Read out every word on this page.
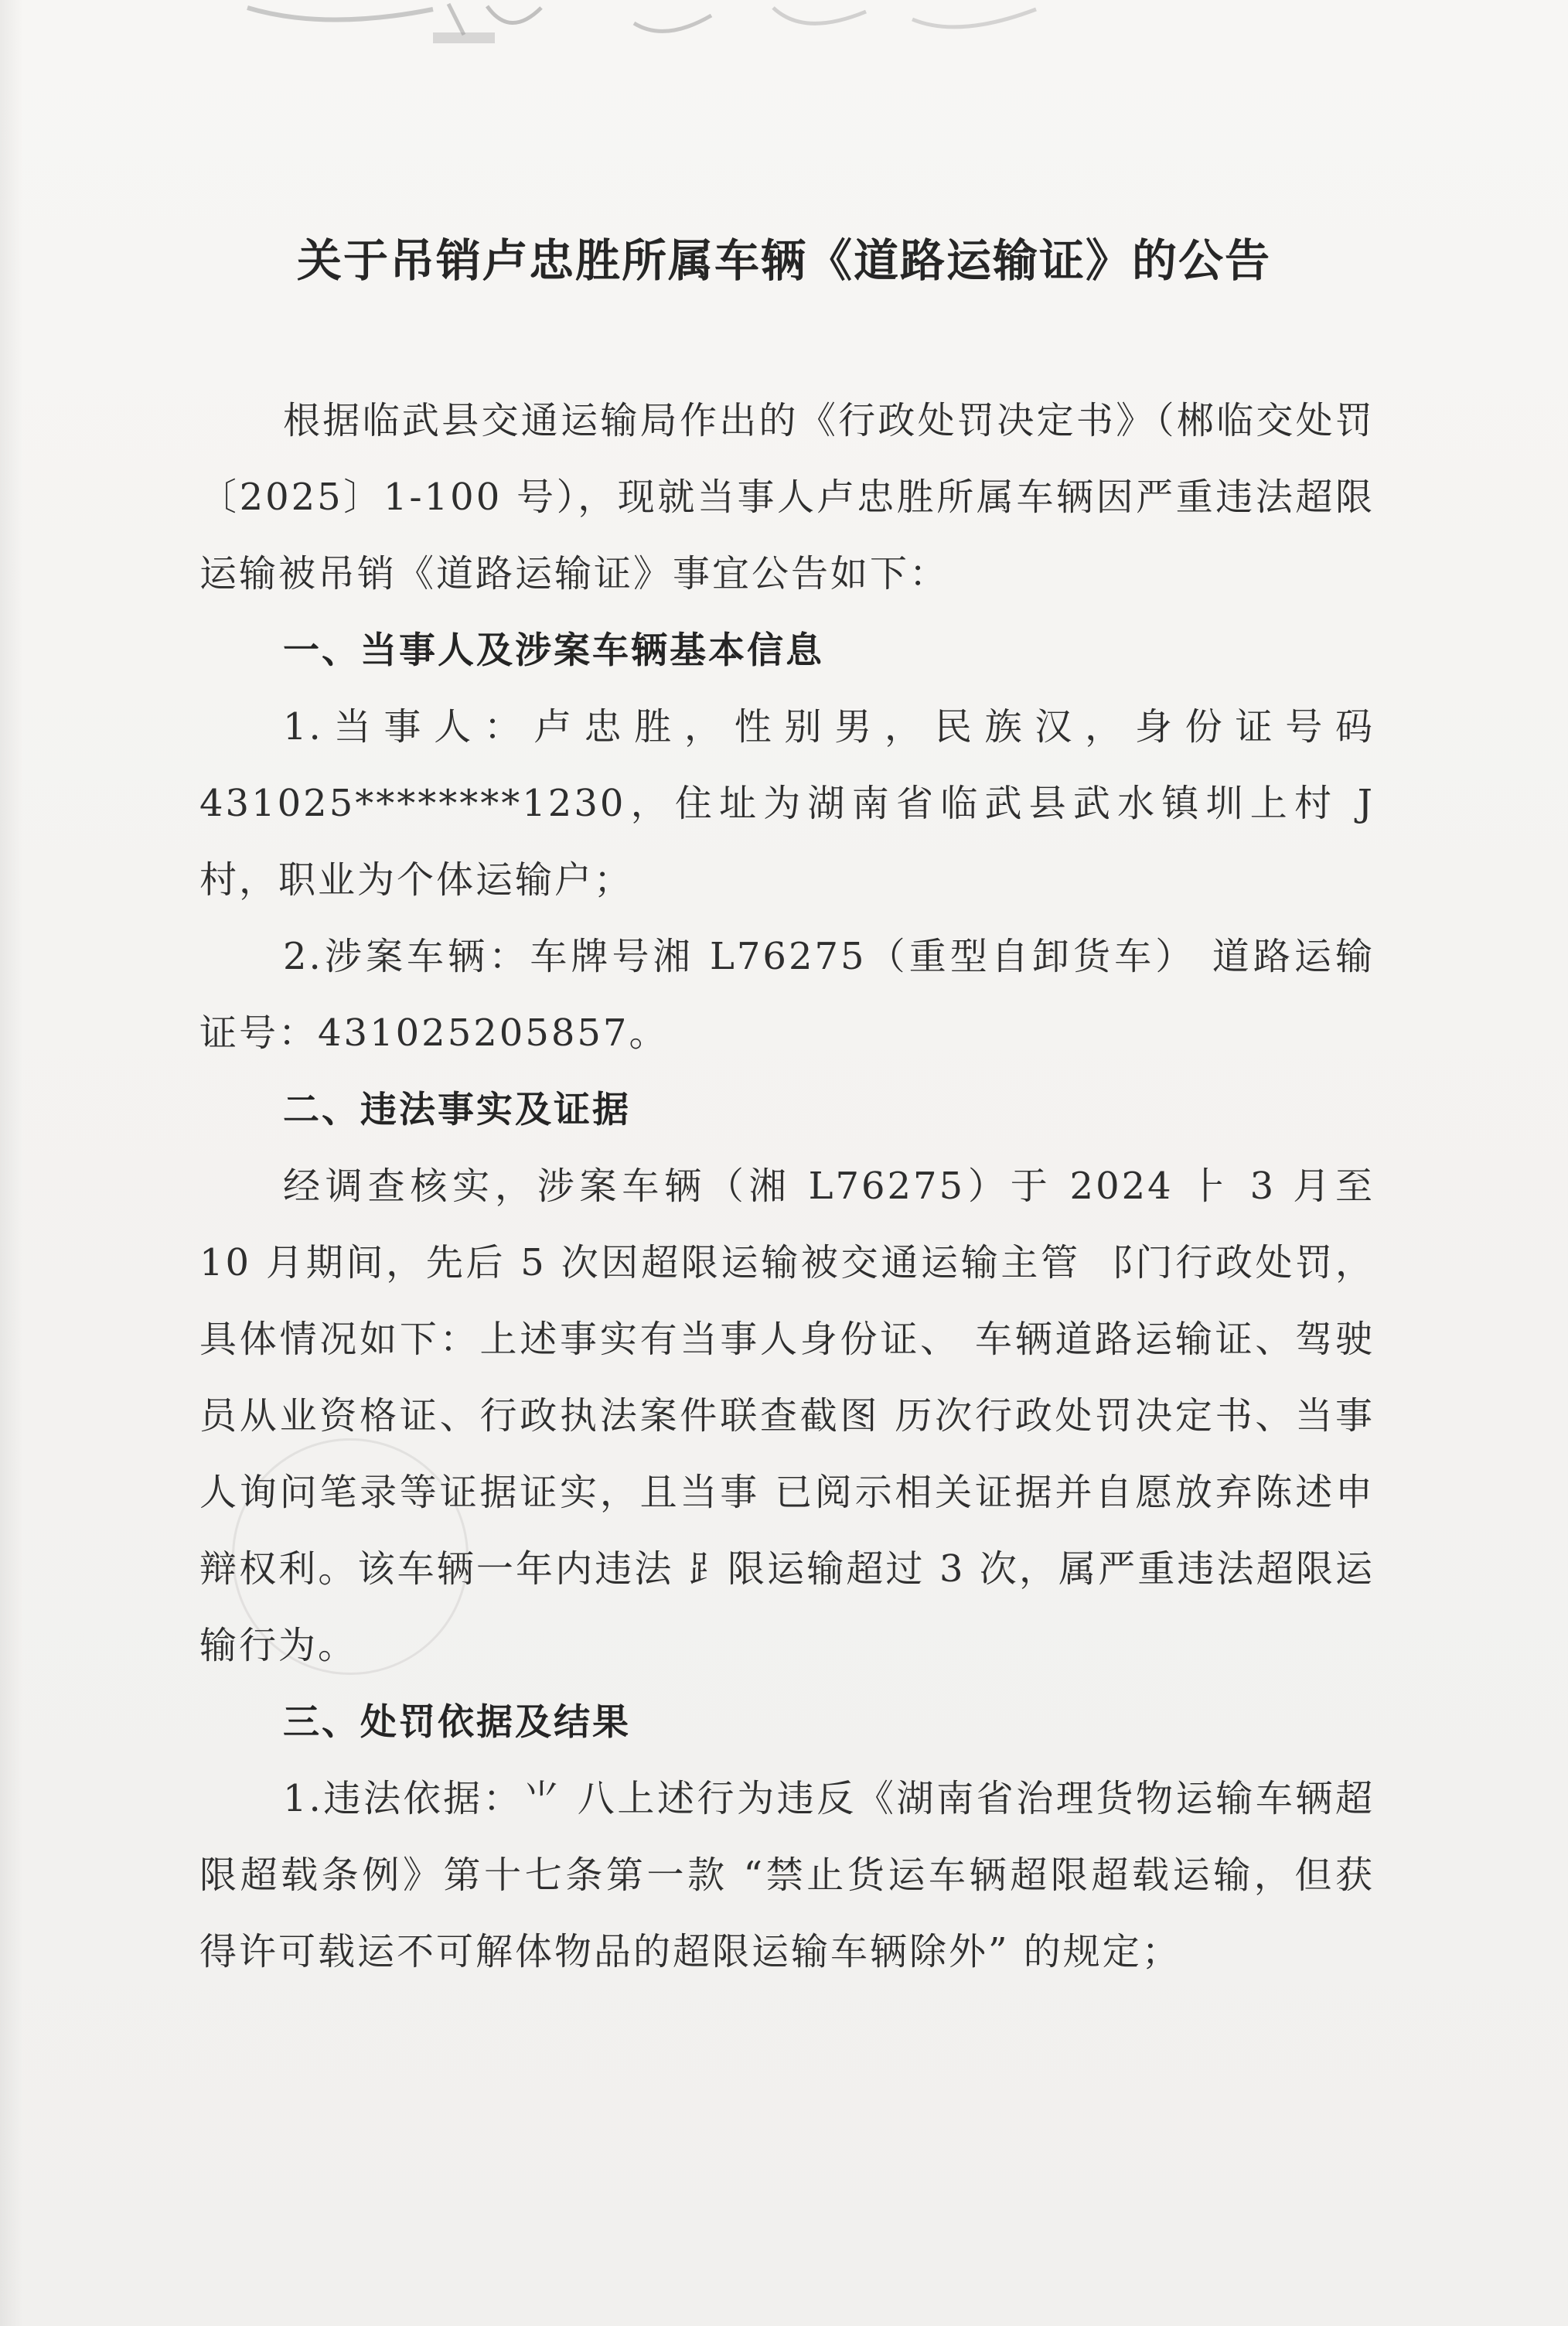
关于吊销卢忠胜所属车辆《道路运输证》的公告

根据临武县交通运输局作出的《行政处罚决定书》（郴临交处罚〔2025〕1-100 号），现就当事人卢忠胜所属车辆因严重违法超限运输被吊销《道路运输证》事宜公告如下：

一、当事人及涉案车辆基本信息

1.当事人：卢忠胜，性别男，民族汉，身份证号码431025********1230，住址为湖南省临武县武水镇圳上村 J 村，职业为个体运输户；

2.涉案车辆：车牌号湘 L76275（重型自卸货车） 道路运输证号：431025205857。

二、违法事实及证据

经调查核实，涉案车辆（湘 L76275）于 2024 ⺊ 3 月至 10 月期间，先后 5 次因超限运输被交通运输主管 ⻏门行政处罚，具体情况如下：上述事实有当事人身份证、 ⻋辆道路运输证、驾驶员从业资格证、行政执法案件联查截图 历次行政处罚决定书、当事人询问笔录等证据证实，且当事 已阅示相关证据并自愿放弃陈述申辩权利。该车辆一年内违法 ⻊限运输超过 3 次，属严重违法超限运输行为。

三、处罚依据及结果

1.违法依据：⺌ ⼋上述行为违反《湖南省治理货物运输车辆超限超载条例》第十七条第一款 “禁止货运车辆超限超载运输，但获得许可载运不可解体物品的超限运输车辆除外” 的规定；
